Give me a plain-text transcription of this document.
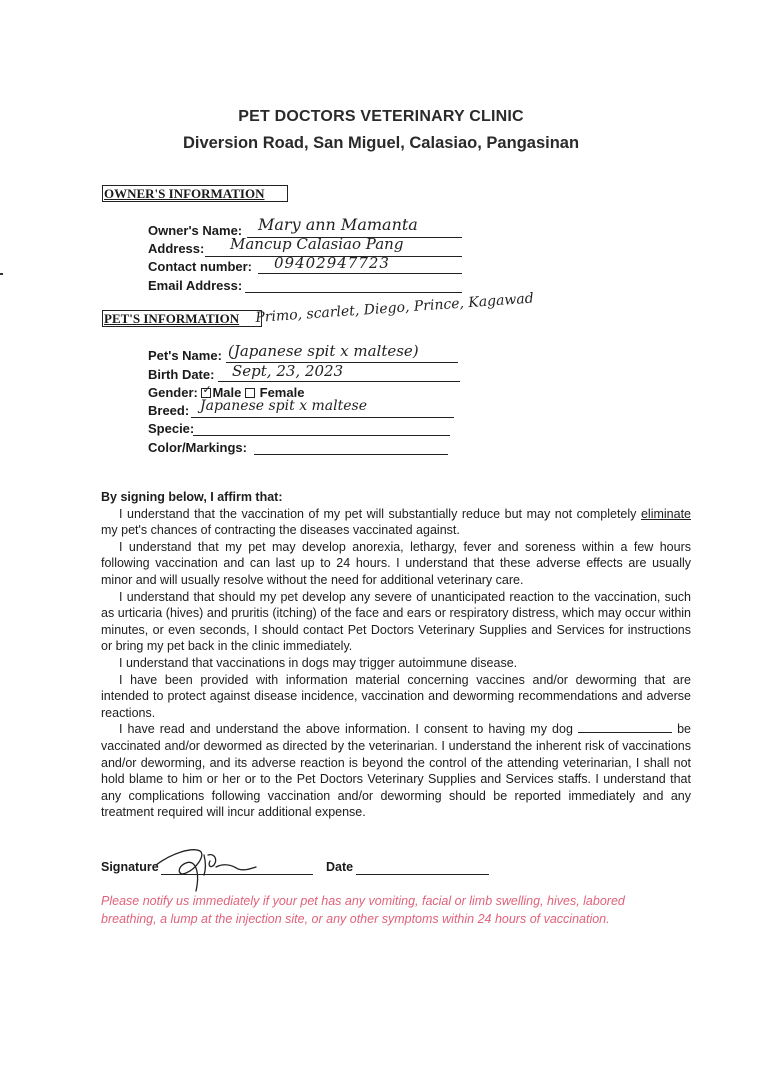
PET DOCTORS VETERINARY CLINIC
Diversion Road, San Miguel, Calasiao, Pangasinan
OWNER'S INFORMATION
Owner's Name: Mary ann Mamanta
Address: Mancup Calasiao Pang
Contact number: 09402947723
Email Address:
PET'S INFORMATION	Primo, scarlet, Diego, Prince, Kagawad
Pet's Name: (Japanese spit x maltese)
Birth Date: Sept, 23, 2023
Gender: ✓ Male Female
Breed: Japanese spit x maltese
Specie:
Color/Markings:

By signing below, I affirm that:

I understand that the vaccination of my pet will substantially reduce but may not completely eliminate my pet's chances of contracting the diseases vaccinated against.

I understand that my pet may develop anorexia, lethargy, fever and soreness within a few hours following vaccination and can last up to 24 hours. I understand that these adverse effects are usually minor and will usually resolve without the need for additional veterinary care.

I understand that should my pet develop any severe of unanticipated reaction to the vaccination, such as urticaria (hives) and pruritis (itching) of the face and ears or respiratory distress, which may occur within minutes, or even seconds, I should contact Pet Doctors Veterinary Supplies and Services for instructions or bring my pet back in the clinic immediately.

I understand that vaccinations in dogs may trigger autoimmune disease.

I have been provided with information material concerning vaccines and/or deworming that are intended to protect against disease incidence, vaccination and deworming recommendations and adverse reactions.

I have read and understand the above information. I consent to having my dog	be vaccinated and/or dewormed as directed by the veterinarian. I understand the inherent risk of vaccinations and/or deworming, and its adverse reaction is beyond the control of the attending veterinarian, I shall not hold blame to him or her or to the Pet Doctors Veterinary Supplies and Services staffs. I understand that any complications following vaccination and/or deworming should be reported immediately and any treatment required will incur additional expense.

Signature	Date
Please notify us immediately if your pet has any vomiting, facial or limb swelling, hives, labored breathing, a lump at the injection site, or any other symptoms within 24 hours of vaccination.
